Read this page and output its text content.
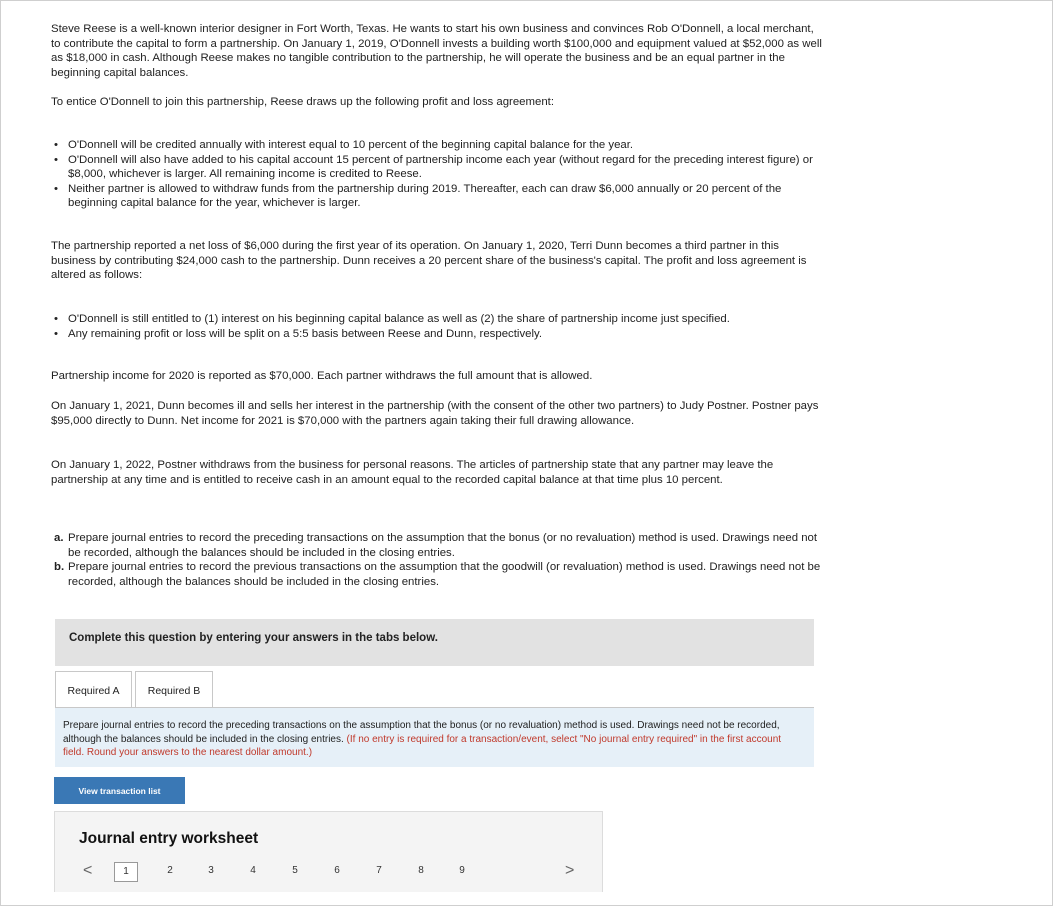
Steve Reese is a well-known interior designer in Fort Worth, Texas. He wants to start his own business and convinces Rob O'Donnell, a local merchant, to contribute the capital to form a partnership. On January 1, 2019, O'Donnell invests a building worth $100,000 and equipment valued at $52,000 as well as $18,000 in cash. Although Reese makes no tangible contribution to the partnership, he will operate the business and be an equal partner in the beginning capital balances.

To entice O'Donnell to join this partnership, Reese draws up the following profit and loss agreement:

• O'Donnell will be credited annually with interest equal to 10 percent of the beginning capital balance for the year.
• O'Donnell will also have added to his capital account 15 percent of partnership income each year (without regard for the preceding interest figure) or $8,000, whichever is larger. All remaining income is credited to Reese.
• Neither partner is allowed to withdraw funds from the partnership during 2019. Thereafter, each can draw $6,000 annually or 20 percent of the beginning capital balance for the year, whichever is larger.

The partnership reported a net loss of $6,000 during the first year of its operation. On January 1, 2020, Terri Dunn becomes a third partner in this business by contributing $24,000 cash to the partnership. Dunn receives a 20 percent share of the business's capital. The profit and loss agreement is altered as follows:

• O'Donnell is still entitled to (1) interest on his beginning capital balance as well as (2) the share of partnership income just specified.
• Any remaining profit or loss will be split on a 5:5 basis between Reese and Dunn, respectively.

Partnership income for 2020 is reported as $70,000. Each partner withdraws the full amount that is allowed.

On January 1, 2021, Dunn becomes ill and sells her interest in the partnership (with the consent of the other two partners) to Judy Postner. Postner pays $95,000 directly to Dunn. Net income for 2021 is $70,000 with the partners again taking their full drawing allowance.

On January 1, 2022, Postner withdraws from the business for personal reasons. The articles of partnership state that any partner may leave the partnership at any time and is entitled to receive cash in an amount equal to the recorded capital balance at that time plus 10 percent.

a. Prepare journal entries to record the preceding transactions on the assumption that the bonus (or no revaluation) method is used. Drawings need not be recorded, although the balances should be included in the closing entries.
b. Prepare journal entries to record the previous transactions on the assumption that the goodwill (or revaluation) method is used. Drawings need not be recorded, although the balances should be included in the closing entries.
Complete this question by entering your answers in the tabs below.
Required A	Required B

Prepare journal entries to record the preceding transactions on the assumption that the bonus (or no revaluation) method is used. Drawings need not be recorded, although the balances should be included in the closing entries. (If no entry is required for a transaction/event, select "No journal entry required" in the first account field. Round your answers to the nearest dollar amount.)

View transaction list
Journal entry worksheet
<	1	2	3	4	5	6	7	8	9	>
